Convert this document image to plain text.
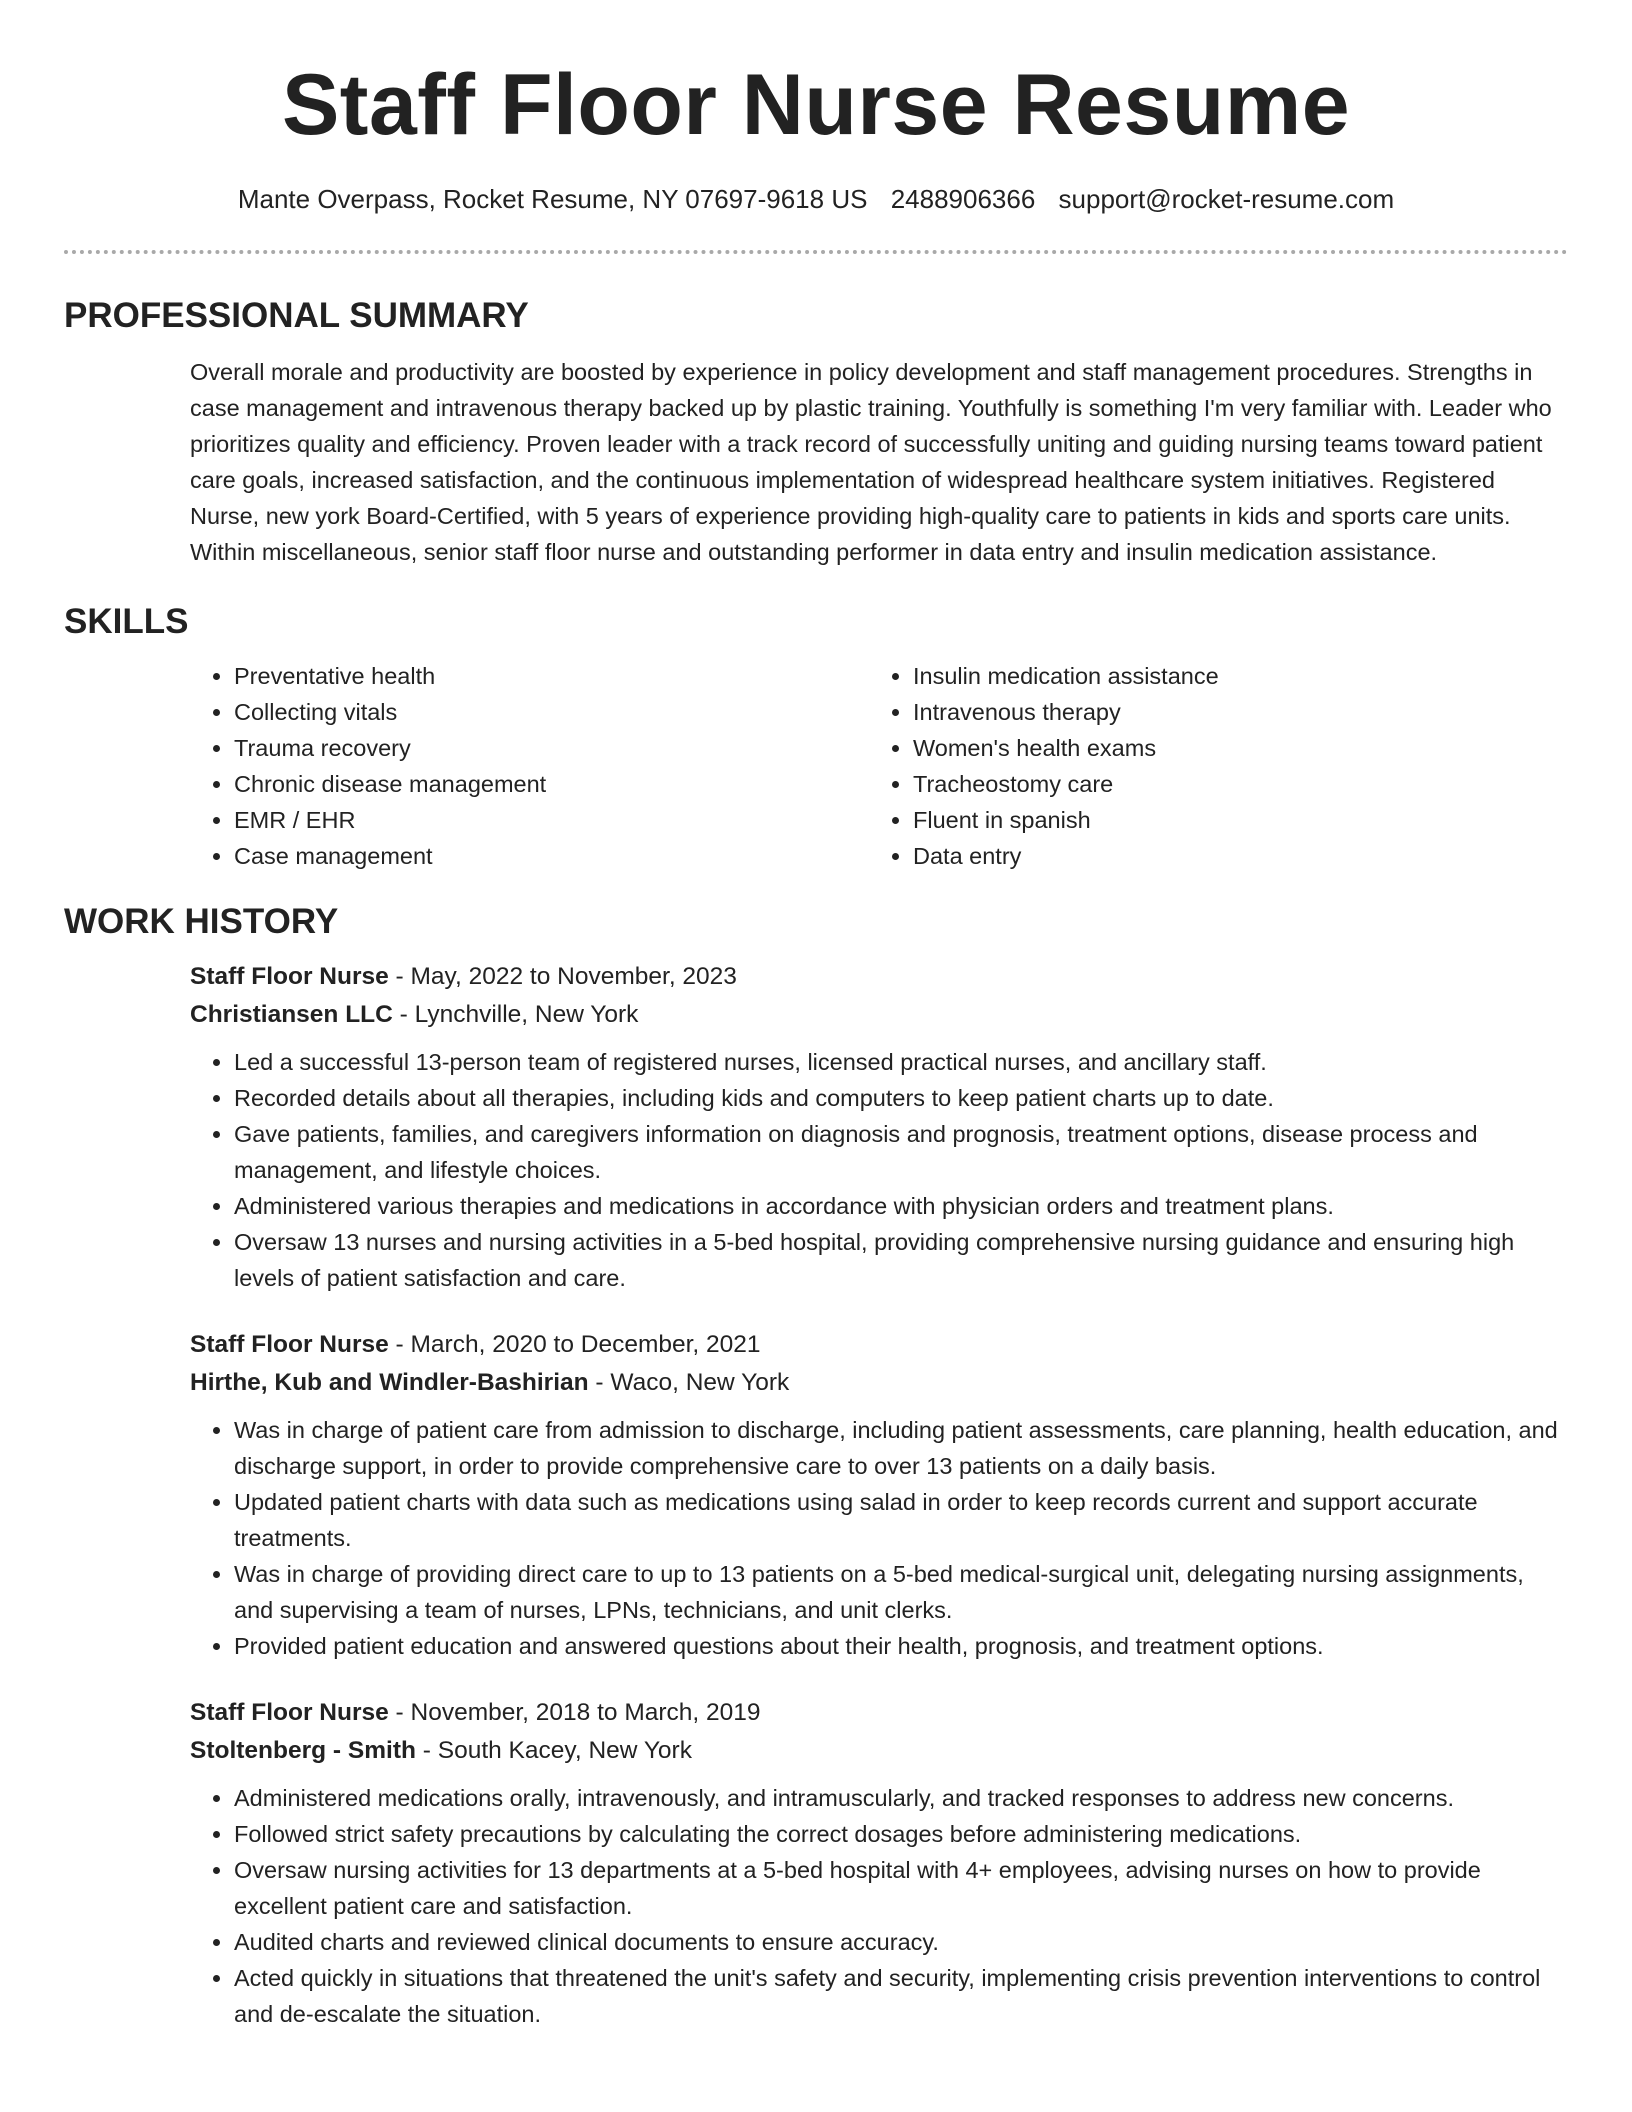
Staff Floor Nurse Resume
Mante Overpass, Rocket Resume, NY 07697-9618 US 2488906366 support@rocket-resume.com
PROFESSIONAL SUMMARY

Overall morale and productivity are boosted by experience in policy development and staff management procedures. Strengths in case management and intravenous therapy backed up by plastic training. Youthfully is something I'm very familiar with. Leader who prioritizes quality and efficiency. Proven leader with a track record of successfully uniting and guiding nursing teams toward patient care goals, increased satisfaction, and the continuous implementation of widespread healthcare system initiatives. Registered Nurse, new york Board-Certified, with 5 years of experience providing high-quality care to patients in kids and sports care units. Within miscellaneous, senior staff floor nurse and outstanding performer in data entry and insulin medication assistance.

SKILLS
• Preventative health
• Collecting vitals
• Trauma recovery
• Chronic disease management
• EMR / EHR
• Case management
• Insulin medication assistance
• Intravenous therapy
• Women's health exams
• Tracheostomy care
• Fluent in spanish
• Data entry
WORK HISTORY
Staff Floor Nurse - May, 2022 to November, 2023
Christiansen LLC - Lynchville, New York
• Led a successful 13-person team of registered nurses, licensed practical nurses, and ancillary staff.
• Recorded details about all therapies, including kids and computers to keep patient charts up to date.
• Gave patients, families, and caregivers information on diagnosis and prognosis, treatment options, disease process and management, and lifestyle choices.
• Administered various therapies and medications in accordance with physician orders and treatment plans.
• Oversaw 13 nurses and nursing activities in a 5-bed hospital, providing comprehensive nursing guidance and ensuring high levels of patient satisfaction and care.
Staff Floor Nurse - March, 2020 to December, 2021
Hirthe, Kub and Windler-Bashirian - Waco, New York
• Was in charge of patient care from admission to discharge, including patient assessments, care planning, health education, and discharge support, in order to provide comprehensive care to over 13 patients on a daily basis.
• Updated patient charts with data such as medications using salad in order to keep records current and support accurate treatments.
• Was in charge of providing direct care to up to 13 patients on a 5-bed medical-surgical unit, delegating nursing assignments, and supervising a team of nurses, LPNs, technicians, and unit clerks.
• Provided patient education and answered questions about their health, prognosis, and treatment options.
Staff Floor Nurse - November, 2018 to March, 2019
Stoltenberg - Smith - South Kacey, New York
• Administered medications orally, intravenously, and intramuscularly, and tracked responses to address new concerns.
• Followed strict safety precautions by calculating the correct dosages before administering medications.
• Oversaw nursing activities for 13 departments at a 5-bed hospital with 4+ employees, advising nurses on how to provide excellent patient care and satisfaction.
• Audited charts and reviewed clinical documents to ensure accuracy.
• Acted quickly in situations that threatened the unit's safety and security, implementing crisis prevention interventions to control and de-escalate the situation.
